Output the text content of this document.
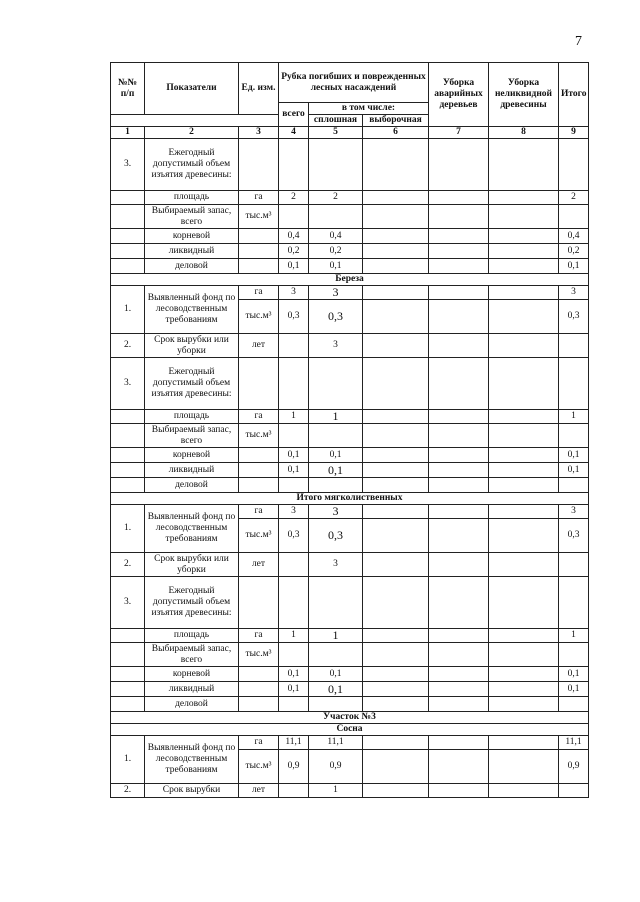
7
№№ п/п	Показатели	Ед. изм.	Рубка погибших и поврежденных лесных насаждений			Уборка аварийных деревьев	Уборка неликвидной древесины	Итого

			всего	в том числе:				
				сплошная	выборочная			
1	2	3	4	5	6	7	8	9
3.	Ежегодный допустимый объем изъятия древесины:							
	площадь	га	2	2				2
	Выбираемый запас, всего	тыс.м³						
	корневой		0,4	0,4				0,4
	ликвидный		0,2	0,2				0,2
	деловой		0,1	0,1				0,1
Береза								
1.	Выявленный фонд по лесоводственным требованиям	га	3	3				3
		тыс.м³	0,3	0,3				0,3
2.	Срок вырубки или уборки	лет		3				
3.	Ежегодный допустимый объем изъятия древесины:							
	площадь	га	1	1				1
	Выбираемый запас, всего	тыс.м³						
	корневой		0,1	0,1				0,1
	ликвидный		0,1	0,1				0,1
	деловой							
Итого мягколиственных								
1.	Выявленный фонд по лесоводственным требованиям	га	3	3				3
		тыс.м³	0,3	0,3				0,3
2.	Срок вырубки или уборки	лет		3				
3.	Ежегодный допустимый объем изъятия древесины:							
	площадь	га	1	1				1
	Выбираемый запас, всего	тыс.м³						
	корневой		0,1	0,1				0,1
	ликвидный		0,1	0,1				0,1
	деловой							
Участок №3								
Сосна								
1.	Выявленный фонд по лесоводственным требованиям	га	11,1	11,1				11,1
		тыс.м³	0,9	0,9				0,9
2.	Срок вырубки	лет		1				
